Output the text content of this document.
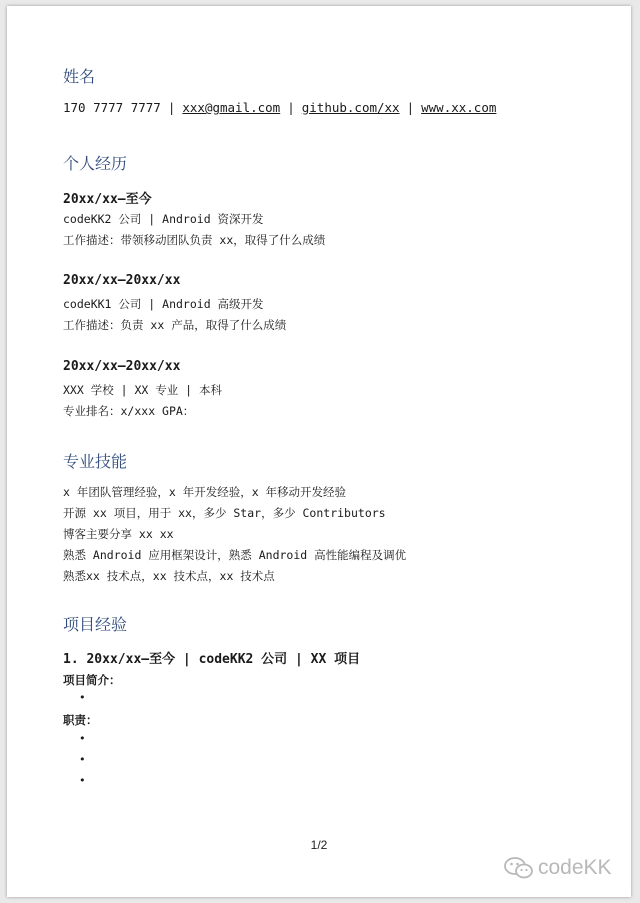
姓名
170 7777 7777 | xxx@gmail.com | github.com/xx | www.xx.com
个人经历
20xx/xx—至今
codeKK2 公司 | Android 资深开发
工作描述：带领移动团队负责 xx，取得了什么成绩
20xx/xx—20xx/xx
codeKK1 公司 | Android 高级开发
工作描述：负责 xx 产品，取得了什么成绩
20xx/xx—20xx/xx
XXX 学校 | XX 专业 | 本科
专业排名：x/xxx GPA：
专业技能
x 年团队管理经验，x 年开发经验，x 年移动开发经验
开源 xx 项目，用于 xx，多少 Star，多少 Contributors
博客主要分享 xx xx
熟悉 Android 应用框架设计，熟悉 Android 高性能编程及调优
熟悉xx 技术点，xx 技术点，xx 技术点
项目经验
1. 20xx/xx—至今 | codeKK2 公司 | XX 项目
项目简介：
•
职责：
•
•
•
1/2
codeKK
